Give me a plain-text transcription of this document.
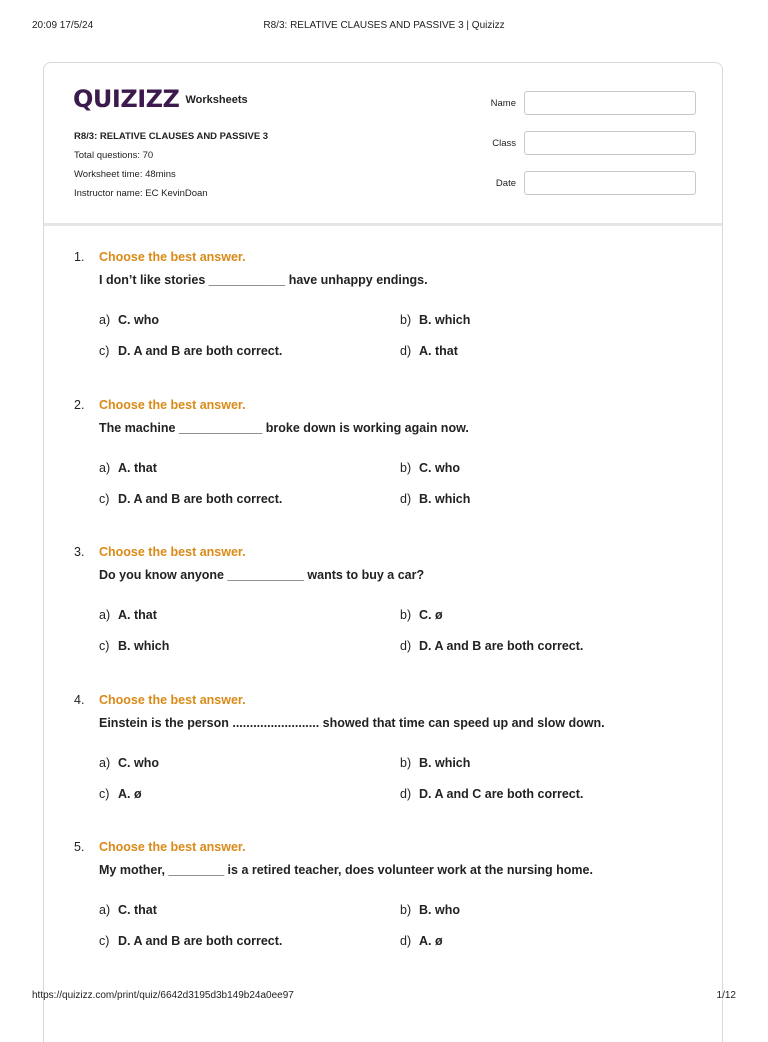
20:09 17/5/24	R8/3: RELATIVE CLAUSES AND PASSIVE 3 | Quizizz
QUIZIZZ Worksheets
R8/3: RELATIVE CLAUSES AND PASSIVE 3
Total questions: 70
Worksheet time: 48mins
Instructor name: EC KevinDoan
Name
Class
Date
1. Choose the best answer.
I don’t like stories ___________ have unhappy endings.
a) C. who	b) B. which
c) D. A and B are both correct.	d) A. that
2. Choose the best answer.
The machine ____________ broke down is working again now.
a) A. that	b) C. who
c) D. A and B are both correct.	d) B. which
3. Choose the best answer.
Do you know anyone ___________ wants to buy a car?
a) A. that	b) C. ø
c) B. which	d) D. A and B are both correct.
4. Choose the best answer.
Einstein is the person ......................... showed that time can speed up and slow down.
a) C. who	b) B. which
c) A. ø	d) D. A and C are both correct.
5. Choose the best answer.
My mother, ________ is a retired teacher, does volunteer work at the nursing home.
a) C. that	b) B. who
c) D. A and B are both correct.	d) A. ø
https://quizizz.com/print/quiz/6642d3195d3b149b24a0ee97	1/12
